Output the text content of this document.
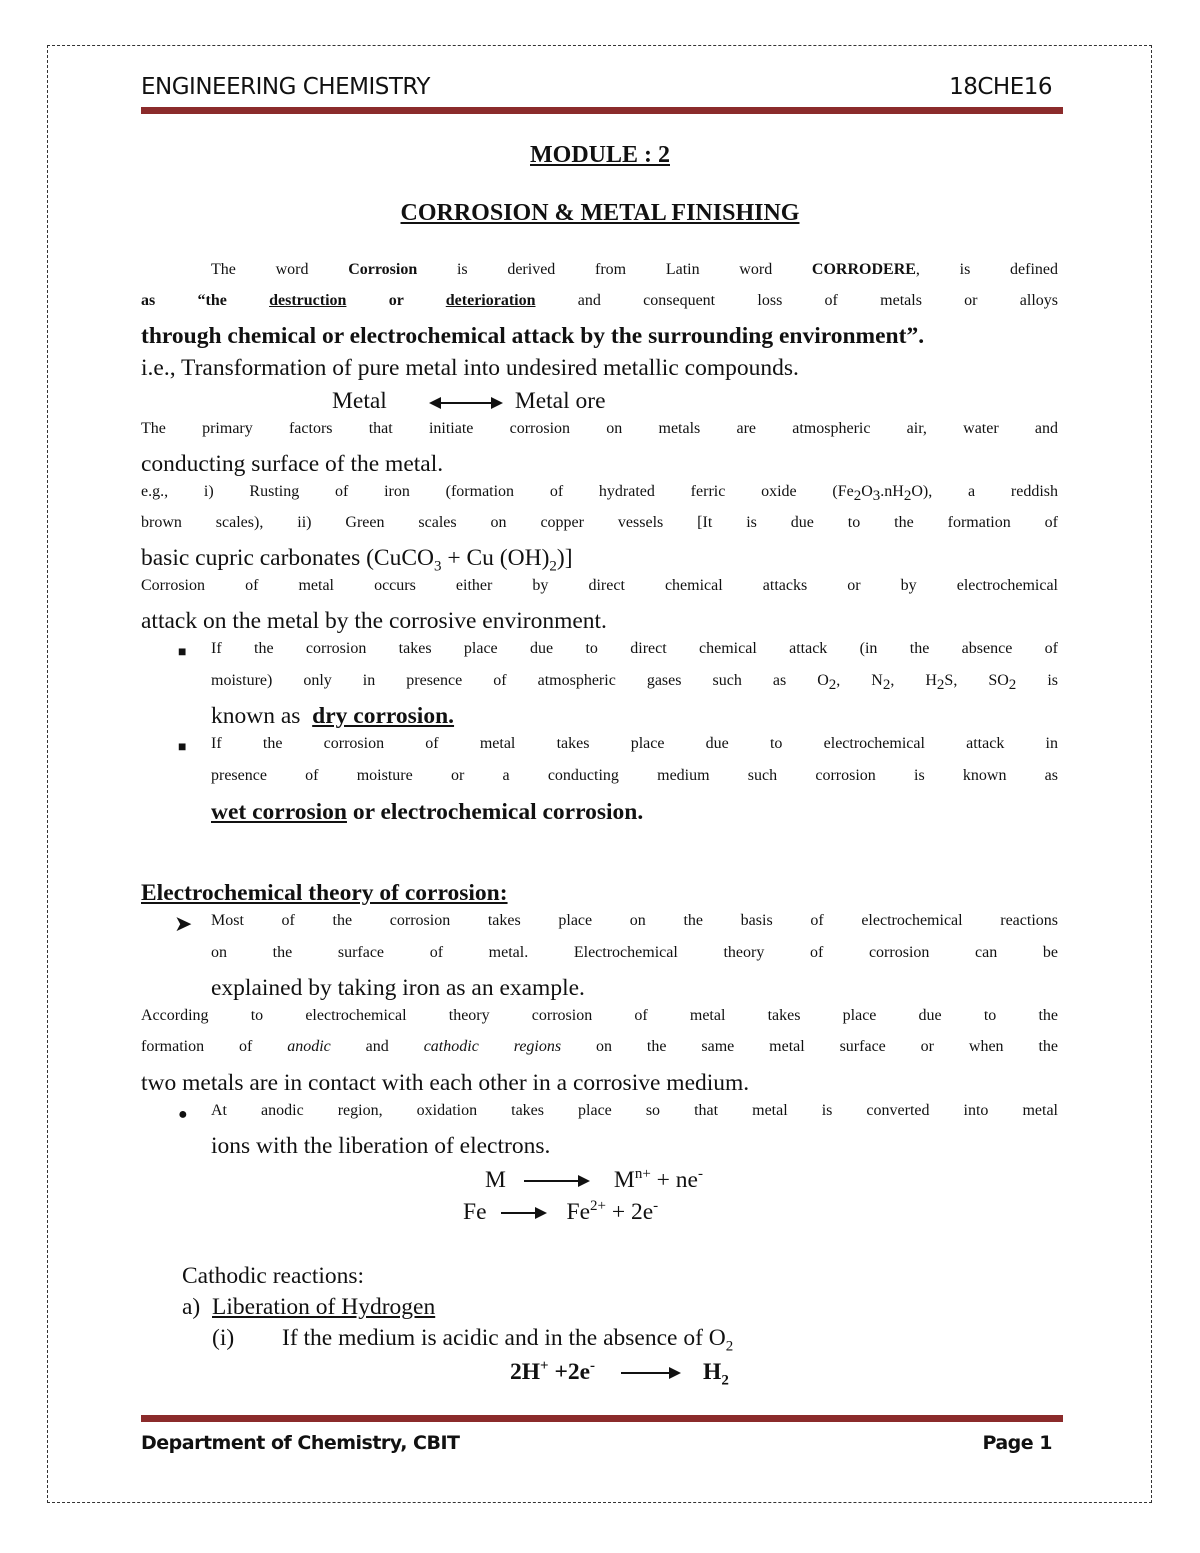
ENGINEERING CHEMISTRY	18CHE16
MODULE : 2
CORROSION & METAL FINISHING
The word Corrosion is derived from Latin word CORRODERE, is defined
as “the destruction or deterioration and consequent loss of metals or alloys
through chemical or electrochemical attack by the surrounding environment”.
i.e., Transformation of pure metal into undesired metallic compounds.
Metal	Metal ore
The primary factors that initiate corrosion on metals are atmospheric air, water and
conducting surface of the metal.
e.g., i) Rusting of iron (formation of hydrated ferric oxide $(Fe_2O_3.nH_2O)$, a reddish
brown scales), ii) Green scales on copper vessels [It is due to the formation of
basic cupric carbonates (CuCO$_3$ + Cu $(OH)_2$)]
Corrosion of metal occurs either by direct chemical attacks or by electrochemical
attack on the metal by the corrosive environment.
■ If the corrosion takes place due to direct chemical attack (in the absence of
moisture) only in presence of atmospheric gases such as $O_2$, $N_2$, $H_2S$, $SO_2$ is
known as  dry corrosion.
■ If the corrosion of metal takes place due to electrochemical attack in
presence of moisture or a conducting medium such corrosion is known as
wet corrosion or electrochemical corrosion.
Electrochemical theory of corrosion:
➤ Most of the corrosion takes place on the basis of electrochemical reactions
on the surface of metal. Electrochemical theory of corrosion can be
explained by taking iron as an example.
According to electrochemical theory corrosion of metal takes place due to the
formation of anodic and cathodic regions on the same metal surface or when the
two metals are in contact with each other in a corrosive medium.
● At anodic region, oxidation takes place so that metal is converted into metal
ions with the liberation of electrons.
M	$M^{n+} + ne^-$
Fe	$Fe^{2+} + 2e^-$
Cathodic reactions:
a) Liberation of Hydrogen
(i) If the medium is acidic and in the absence of $O_2$
2H+ +2e-	$H_2$
Department of Chemistry, CBIT	Page 1
